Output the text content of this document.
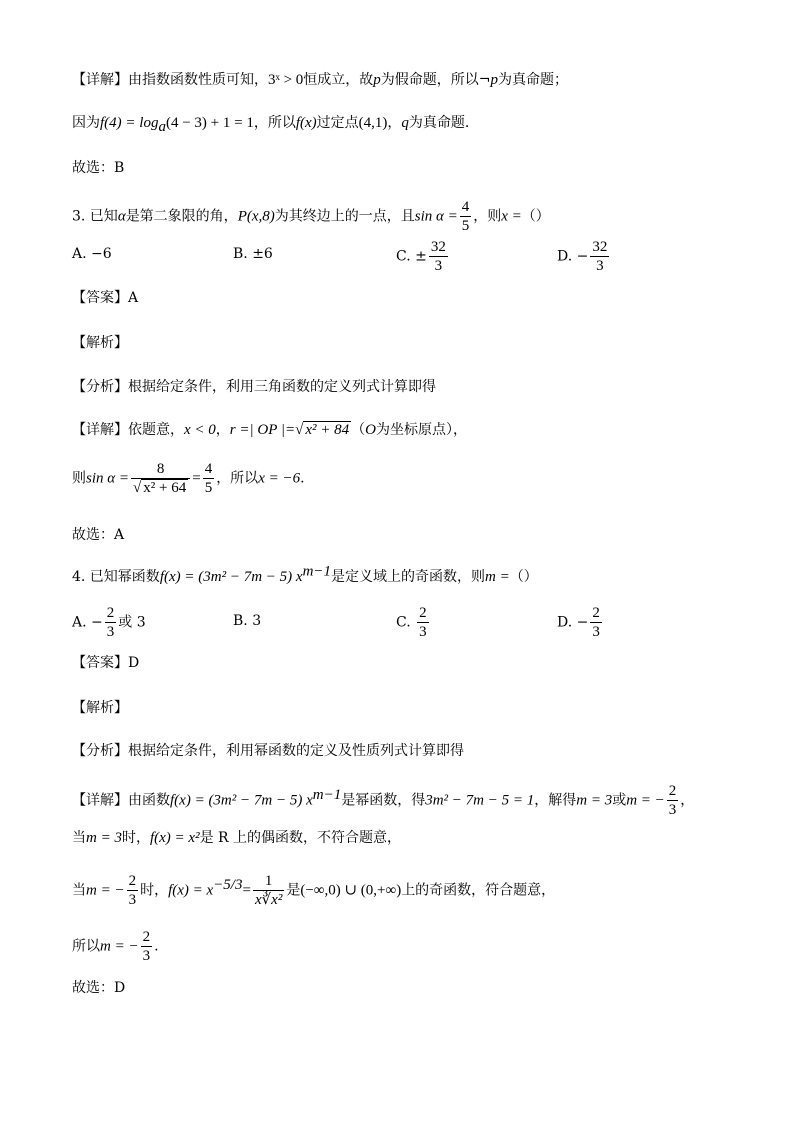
【详解】由指数函数性质可知，3ˣ > 0恒成立，故p为假命题，所以¬p为真命题；
因为$f(4) = \log_a(4 - 3) + 1 = 1$，所以f(x)过定点(4,1)，q为真命题.
故选：B
3. 已知α是第二象限的角，P(x,8)为其终边上的一点，且$\sin \alpha = \frac{4}{5}$ ，则x =（）
A. −6	B. ±6	C. ± $\frac{32}{3}$	D. − $\frac{32}{3}$
【答案】A
【解析】
【分析】根据给定条件，利用三角函数的定义列式计算即得
【详解】依题意，x < 0，r =| OP |=√ x² + 84 （O为坐标原点），
则$\sin \alpha = \frac{8}{\text{√ x² + 64}} = \frac{4}{5}$ ，所以x = −6.
故选：A
4. 已知幂函数f(x) = (3m² − 7m − 5) $x^{m-1}$是定义域上的奇函数，则m =（）
A. − $\frac{2}{3}$ 或 3	B. 3	C. $\frac{2}{3}$	D. − $\frac{2}{3}$
【答案】D
【解析】
【分析】根据给定条件，利用幂函数的定义及性质列式计算即得
【详解】由函数f(x) = (3m² − 7m − 5) $x^{m-1}$是幂函数，得3m² − 7m − 5 = 1，解得m = 3或m = − $\frac{2}{3}$ ，
当m = 3时，f(x) = x²是 R 上的偶函数，不符合题意，
当m = − $\frac{2}{3}$ 时，$f(x) = x^{-5/3}= \frac{1}{\text{x∛x²}}$ 是(−∞,0) ∪ (0,+∞)上的奇函数，符合题意，
所以m = − $\frac{2}{3}$ .
故选：D
